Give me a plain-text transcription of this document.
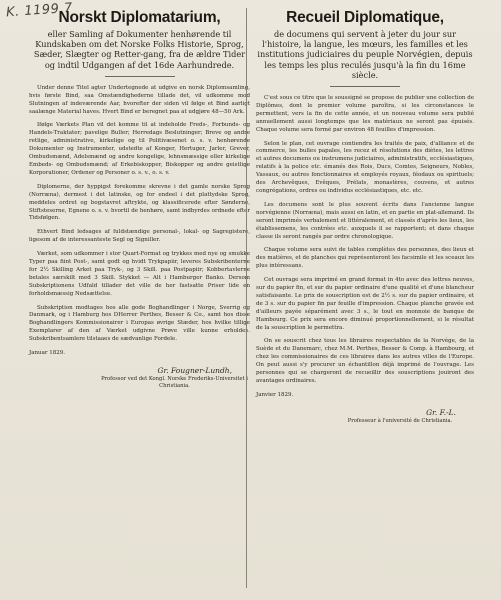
K. 1199.7
Norskt Diplomatarium,
eller Samling af Dokumenter henhørende til Kundskaben om det Norske Folks Historie, Sprog, Sæder, Slægter og Retter-gang, fra de ældre Tider og indtil Udgangen af det 16de Aarhundrede.

Under denne Titel agter Undertegnede at udgive en norsk Diplomsamling, hvis første Bind, saa Omstændighederne tillade det, vil udkomme mod Slutningen af indeværende Aar, hvorefter der siden vil følge et Bind aarligt saalænge Material haves. Hvert Bind er beregnet paa at udgjøre 48—50 Ark.

Ifølge Værkets Plan vil det komme til at indeholde Freds-, Forbunds- og Handels-Traktater; pavelige Buller; Herredags Beslutninger; Breve og andre retlige, administrative, kirkelige og til Politivæsenet o. s. v. henhørende Dokumenter og Instrumenter, udstedte af Konger, Hertuger, Jarler, Grever, Ombudsmænd, Adelsmænd og andre kongelige, lehnsmæssige eller kirkelige Embeds- og Ombudsmænd; af Erkebiskopper, Biskopper og andre geistlige Korporationer, Ordener og Personer o. s. v., o. s. v.

Diplomerne, der hyppigst forekomme skrevne i det gamle norske Sprog (Norræna), dermest i det latinske, og for endeel i det plattydske Sprog, meddeles ordret og bogstavret aftrykte, og klassificerede efter Sønderne, Stiftsteserne, Egnene o. s. v. hvortil de henhøre, samt indbyrdes ordnede efter Tidsfølgen.

Ethvert Bind ledsages af fuldstændige personal-, lokal- og Sagregistere, ligesom af de interessanteste Segl og Signiller.

Værket, som udkommer i stor Quart-Format og trykkes med nye og smukke Typer paa fiint Post-, samt godt og hvidt Trykpapiir, leveres Subskribenterne for 2½ Skilling Arket paa Tryk-, og 3 Skill. paa Postpapiir; Kobbertavlerne betales særskilt med 3 Skill. Stykket — Alt i Hamburger Banko. Dersom Subskriptionens Udfald tillader det ville de her fastsatte Priser lide en forholdsmæssig Nedsættelse.

Subskription modtages hos alle gode Boghandlinger i Norge, Sverrig og Danmark, og i Hamburg hos DHerrer Perthes, Besser & Co., samt hos disse Boghandlingers Kommissionairer i Europas øvrige Stæder, hos hvilke tillige Exemplarer af den af Værket udgivne Prøve ville kunne erholdes. Subskribentsamlere tilstaaes de sædvanlige Fordele.

Januar 1829.
Gr. Fougner-Lundh,
Professor ved det Kongl. Norske Frederiks-Universitet i Christiania.
Recueil Diplomatique,
de documens qui servent à jeter du jour sur l'histoire, la langue, les mœurs, les familles et les institutions judiciaires du peuple Norvégien, depuis les temps les plus reculés jusqu'à la fin du 16me siècle.

C'est sous ce titre que le soussigné se propose de publier une collection de Diplômes, dont le premier volume paroîtra, si les circonstances le permettent, vers la fin de cette année, et un nouveau volume sera publié annuellement aussi longtemps que les matériaux ne seront pas épuisés. Chaque volume sera formé par environ 48 feuilles d'impression.

Selon le plan, cet ouvrage contiendra les traités de paix, d'alliance et de commerce, les bulles papales, les recez et résolutions des diètes, les lettres et autres documens ou instrumens judiciaires, administratifs, ecclésiastiques, relatifs à la police etc. émanés des Rois, Ducs, Comtes, Seigneurs, Nobles, Vassaux, ou autres fonctionnaires et employés royaux, féodaux ou spirituels; des Archevêques, Evêques, Prélats, monastères, couvens, et autres congrégations, ordres ou individus ecclésiastiques, etc. etc.

Les documens sont le plus souvent écrits dans l'ancienne langue norvégienne (Norræna), mais aussi en latin, et en partie en plat-allemand. Ils seront imprimés verbalement et littéralement, et classés d'après les lieux, les établissemens, les contrées etc. auxquels il se rapportent; et dans chaque classe ils seront rangés par ordre chronologique.

Chaque volume sera suivi de tables complètes des personnes, des lieux et des matières, et de planches qui représenteront les facsimile et les sceaux les plus intéressans.

Cet ouvrage sera imprimé en grand format in 4to avec des lettres neuves, sur du papier fin, et sur du papier ordinaire d'une qualité et d'une blancheur satisfaisante. Le prix de souscription est de 2½ s. sur du papier ordinaire, et de 3 s. sur du papier fin par feuille d'impression. Chaque planche gravée est d'ailleurs payée séparément avec 3 s., le tout en monnoie de banque de Hambourg. Ce prix sera encore diminué proportionnellement, si le résultat de la souscription le permettra.

On se souscrit chez tous les libraires respectables de la Norvège, de la Suède et du Danemarc, chez M.M. Perthes, Besser & Comp. à Hambourg, et chez les commissionaires de ces libraires dans les autres villes de l'Europe. On peut aussi s'y procurer un échantillon déjà imprimé de l'ouvrage. Les personnes qui se chargeront de recueillir des souscriptions jouiront des avantages ordinaires.

Janvier 1829.
Gr. F.-L.
Professeur à l'université de Christiania.
